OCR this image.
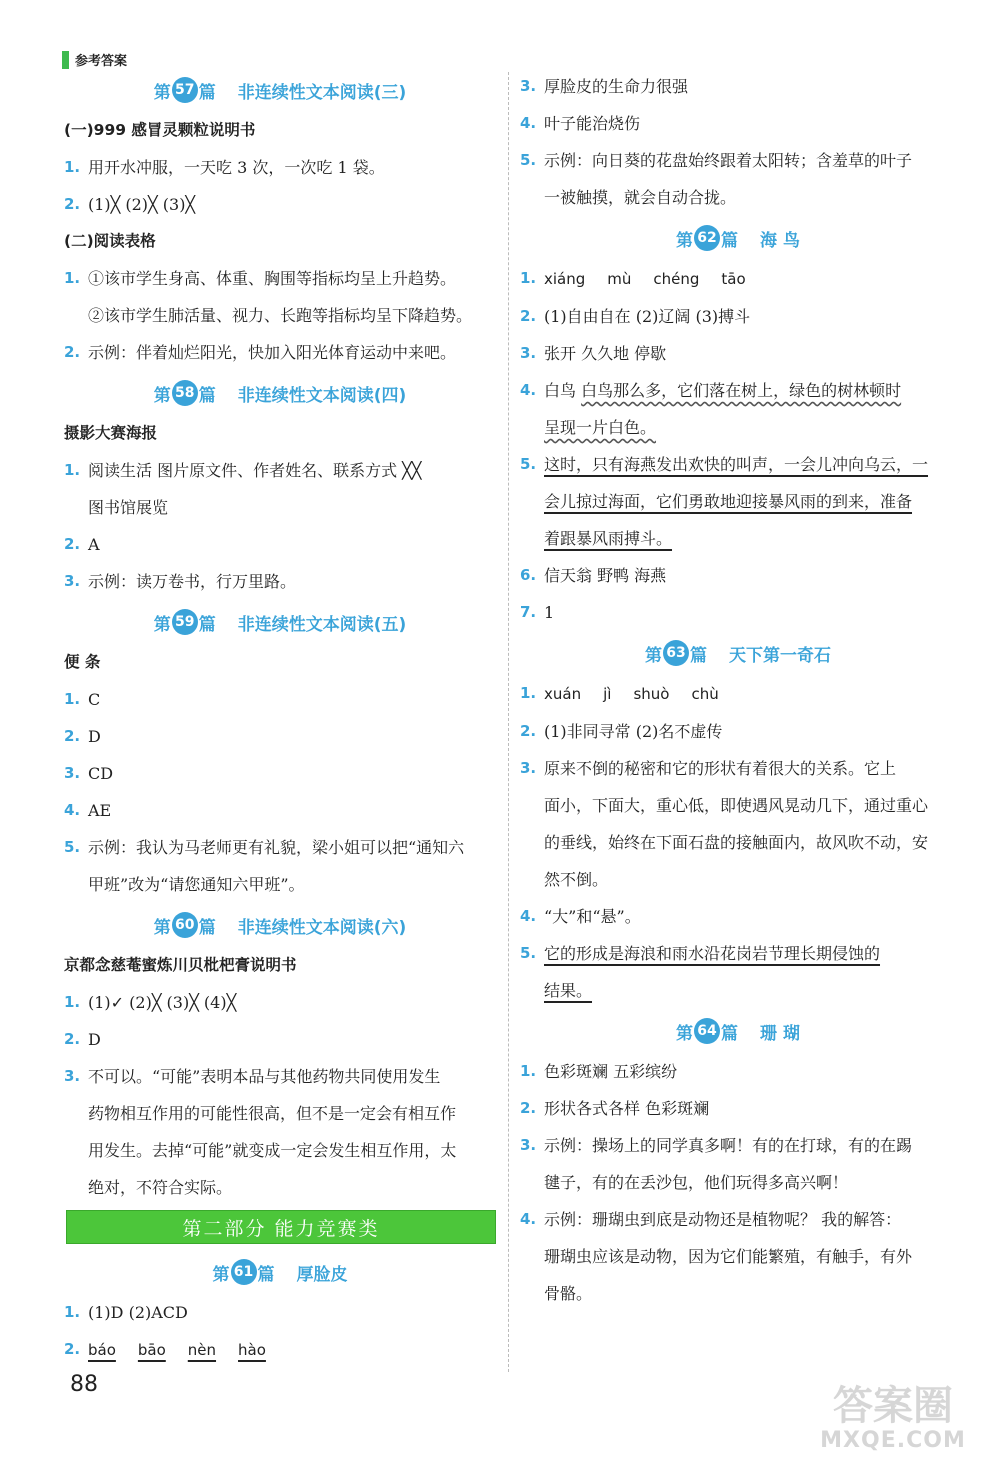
参考答案
第 57 篇 非连续性文本阅读(三)
(一)999 感冒灵颗粒说明书
1. 用开水冲服，一天吃 3 次，一次吃 1 袋。
2. (1)╳ (2)╳ (3)╳
(二)阅读表格
1. ①该市学生身高、体重、胸围等指标均呈上升趋势。
②该市学生肺活量、视力、长跑等指标均呈下降趋势。
2. 示例：伴着灿烂阳光，快加入阳光体育运动中来吧。
第 58 篇 非连续性文本阅读(四)
摄影大赛海报
1. 阅读生活 图片原文件、作者姓名、联系方式 ╳╳
图书馆展览
2. A
3. 示例：读万卷书，行万里路。
第 59 篇 非连续性文本阅读(五)
便 条
1. C
2. D
3. CD
4. AE
5. 示例：我认为马老师更有礼貌，梁小姐可以把“通知六
甲班”改为“请您通知六甲班”。
第 60 篇 非连续性文本阅读(六)
京都念慈菴蜜炼川贝枇杷膏说明书
1. (1)✓ (2)╳ (3)╳ (4)╳
2. D
3. 不可以。“可能”表明本品与其他药物共同使用发生
药物相互作用的可能性很高，但不是一定会有相互作
用发生。去掉“可能”就变成一定会发生相互作用，太
绝对，不符合实际。
第二部分 能力竞赛类
第 61 篇 厚脸皮
1. (1)D (2)ACD
2. báo bāo nèn hào
3. 厚脸皮的生命力很强
4. 叶子能治烧伤
5. 示例：向日葵的花盘始终跟着太阳转；含羞草的叶子
一被触摸，就会自动合拢。
第 62 篇 海 鸟
1. xiáng mù chéng tāo
2. (1)自由自在 (2)辽阔 (3)搏斗
3. 张开 久久地 停歇
4. 白鸟 白鸟那么多，它们落在树上，绿色的树林顿时
呈现一片白色。
5. 这时，只有海燕发出欢快的叫声，一会儿冲向乌云，一
会儿掠过海面，它们勇敢地迎接暴风雨的到来，准备
着跟暴风雨搏斗。
6. 信天翁 野鸭 海燕
7. 1
第 63 篇 天下第一奇石
1. xuán jì shuò chù
2. (1)非同寻常 (2)名不虚传
3. 原来不倒的秘密和它的形状有着很大的关系。它上
面小，下面大，重心低，即使遇风晃动几下，通过重心
的垂线，始终在下面石盘的接触面内，故风吹不动，安
然不倒。
4. “大”和“悬”。
5. 它的形成是海浪和雨水沿花岗岩节理长期侵蚀的
结果。
第 64 篇 珊 瑚
1. 色彩斑斓 五彩缤纷
2. 形状各式各样 色彩斑斓
3. 示例：操场上的同学真多啊！有的在打球，有的在踢
毽子，有的在丢沙包，他们玩得多高兴啊！
4. 示例：珊瑚虫到底是动物还是植物呢？ 我的解答：
珊瑚虫应该是动物，因为它们能繁殖，有触手，有外
骨骼。
88	答案圈
MXQE.COM
